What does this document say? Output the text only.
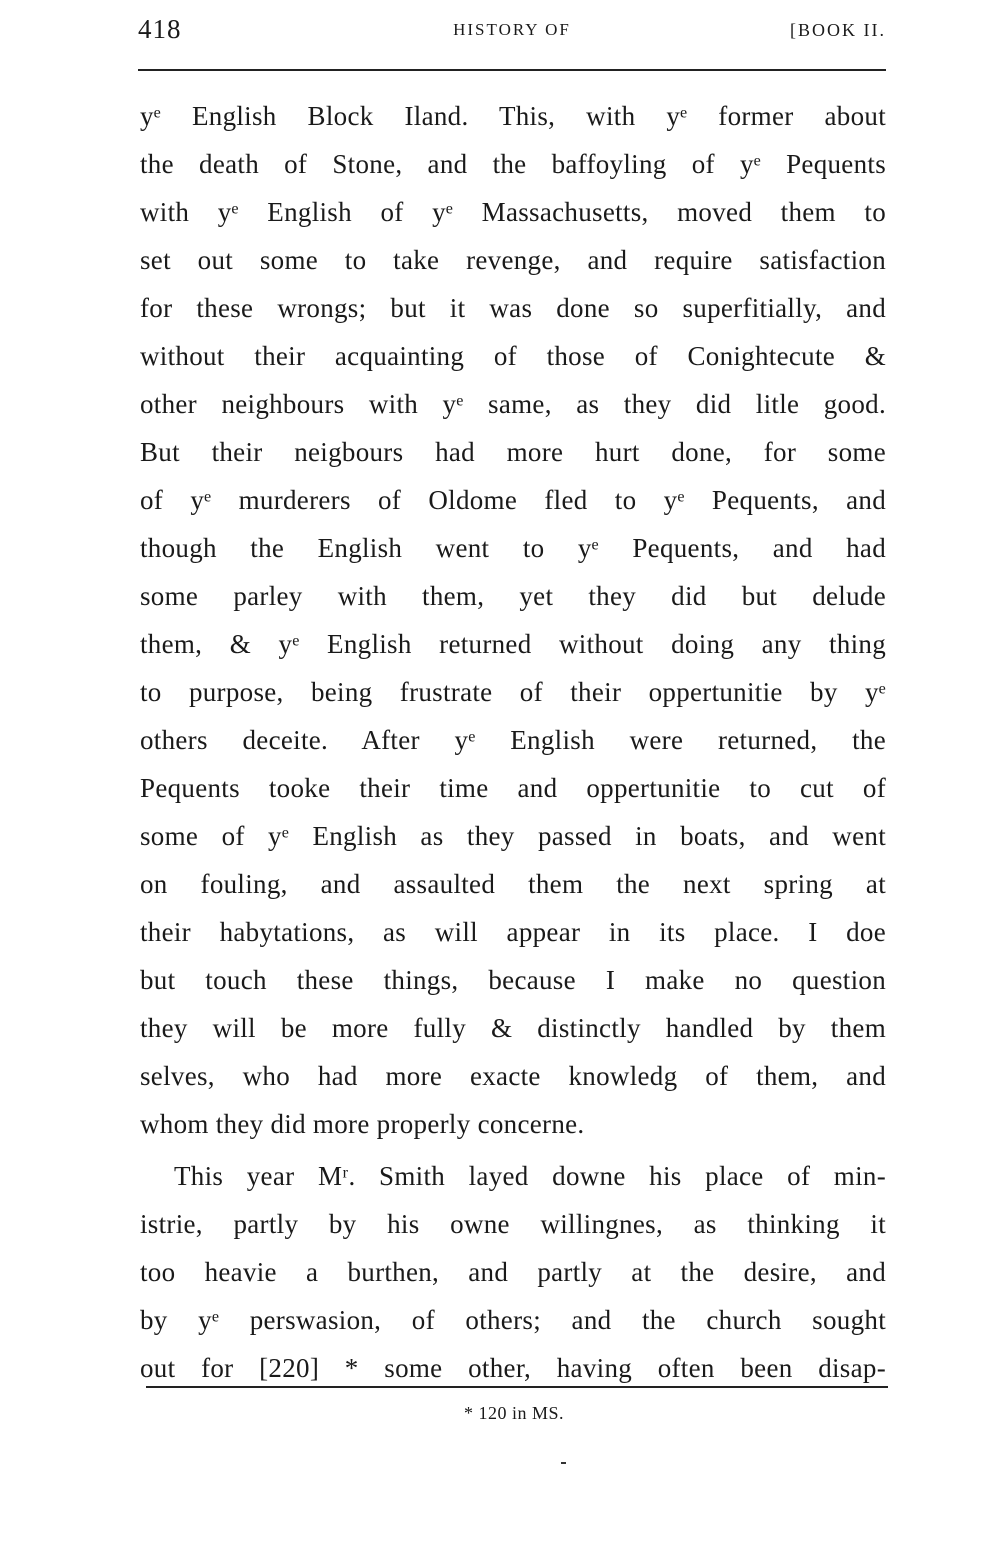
418	HISTORY OF	[BOOK II.
yᵉ English Block Iland. This, with yᵉ former about
the death of Stone, and the baffoyling of yᵉ Pequents
with yᵉ English of yᵉ Massachusetts, moved them to
set out some to take revenge, and require satisfaction
for these wrongs; but it was done so superfitially, and
without their acquainting of those of Conightecute &
other neighbours with yᵉ same, as they did litle good.
But their neigbours had more hurt done, for some
of yᵉ murderers of Oldome fled to yᵉ Pequents, and
though the English went to yᵉ Pequents, and had
some parley with them, yet they did but delude
them, & yᵉ English returned without doing any thing
to purpose, being frustrate of their oppertunitie by yᵉ
others deceite. After yᵉ English were returned, the
Pequents tooke their time and oppertunitie to cut of
some of yᵉ English as they passed in boats, and went
on fouling, and assaulted them the next spring at
their habytations, as will appear in its place. I doe
but touch these things, because I make no question
they will be more fully & distinctly handled by them
selves, who had more exacte knowledg of them, and
whom they did more properly concerne.
This year Mʳ. Smith layed downe his place of min-
istrie, partly by his owne willingnes, as thinking it
too heavie a burthen, and partly at the desire, and
by yᵉ perswasion, of others; and the church sought
out for [220] * some other, having often been disap-
* 120 in MS.
